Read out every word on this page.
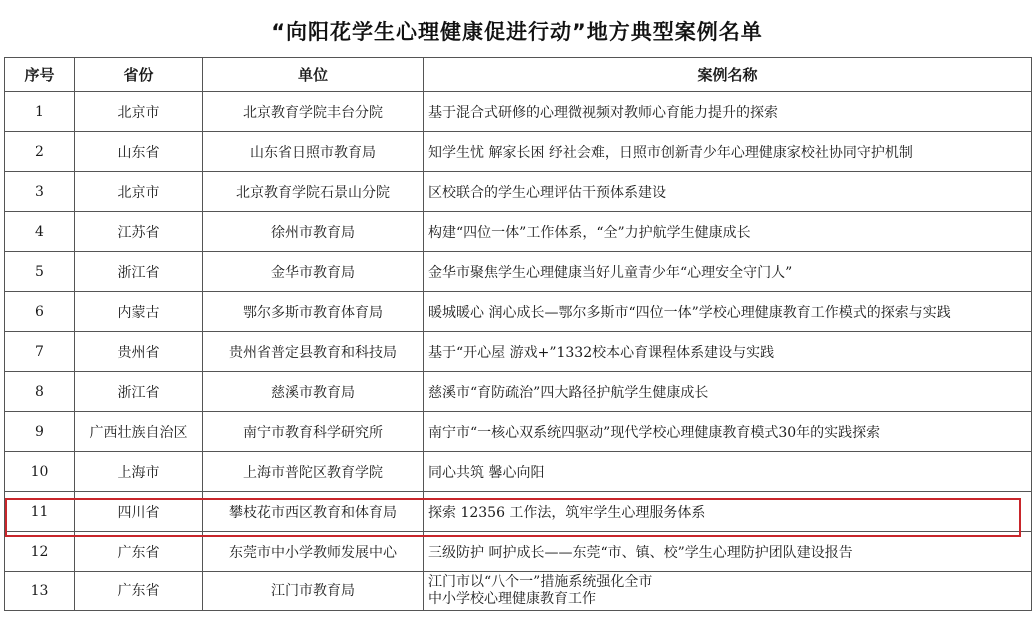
“向阳花学生心理健康促进行动”地方典型案例名单
序号	省份	单位	案例名称
1	北京市	北京教育学院丰台分院	基于混合式研修的心理微视频对教师心育能力提升的探索
2	山东省	山东省日照市教育局	知学生忧 解家长困 纾社会难，日照市创新青少年心理健康家校社协同守护机制
3	北京市	北京教育学院石景山分院	区校联合的学生心理评估干预体系建设
4	江苏省	徐州市教育局	构建“四位一体”工作体系，“全”力护航学生健康成长
5	浙江省	金华市教育局	金华市聚焦学生心理健康当好儿童青少年“心理安全守门人”
6	内蒙古	鄂尔多斯市教育体育局	暖城暖心 润心成长—鄂尔多斯市“四位一体”学校心理健康教育工作模式的探索与实践
7	贵州省	贵州省普定县教育和科技局	基于“开心屋 游戏+”1332校本心育课程体系建设与实践
8	浙江省	慈溪市教育局	慈溪市“育防疏治”四大路径护航学生健康成长
9	广西壮族自治区	南宁市教育科学研究所	南宁市“一核心双系统四驱动”现代学校心理健康教育模式30年的实践探索
10	上海市	上海市普陀区教育学院	同心共筑 馨心向阳
11	四川省	攀枝花市西区教育和体育局	探索 12356 工作法，筑牢学生心理服务体系
12	广东省	东莞市中小学教师发展中心	三级防护 呵护成长——东莞“市、镇、校”学生心理防护团队建设报告
13	广东省	江门市教育局	江门市以“八个一”措施系统强化全市
中小学校心理健康教育工作
